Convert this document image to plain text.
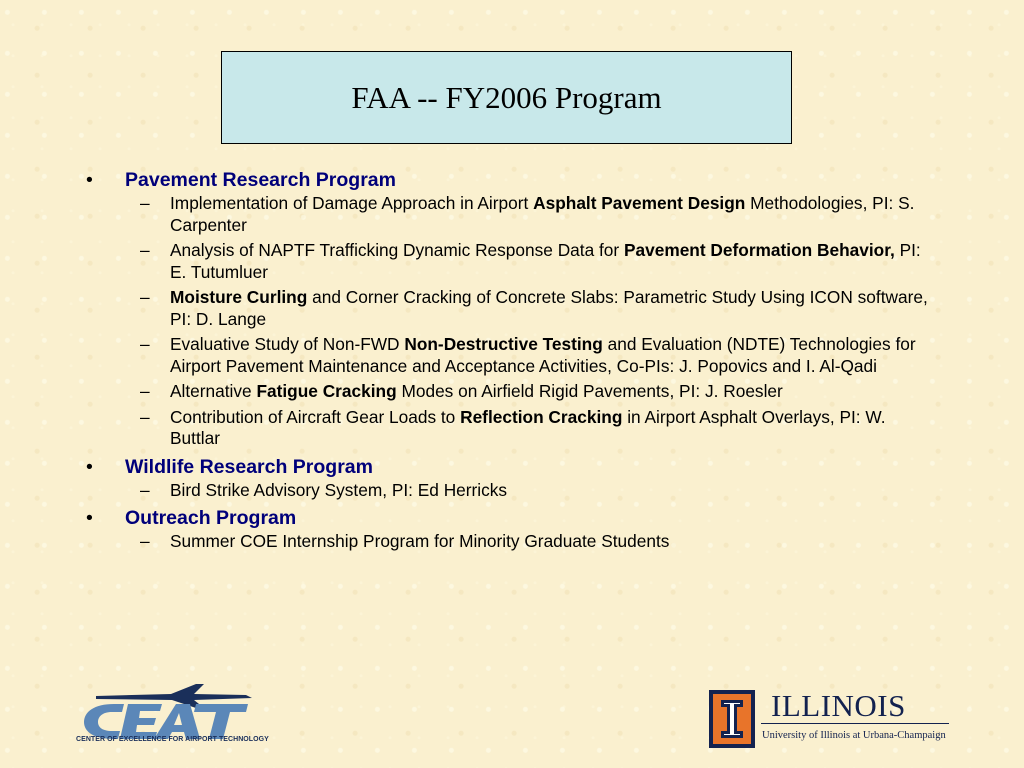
FAA -- FY2006 Program
• Pavement Research Program
– Implementation of Damage Approach in Airport Asphalt Pavement Design Methodologies, PI: S. Carpenter
– Analysis of NAPTF Trafficking Dynamic Response Data for Pavement Deformation Behavior, PI: E. Tutumluer
– Moisture Curling and Corner Cracking of Concrete Slabs: Parametric Study Using ICON software, PI: D. Lange
– Evaluative Study of Non-FWD Non-Destructive Testing and Evaluation (NDTE) Technologies for Airport Pavement Maintenance and Acceptance Activities, Co-PIs: J. Popovics and I. Al-Qadi
– Alternative Fatigue Cracking Modes on Airfield Rigid Pavements, PI: J. Roesler
– Contribution of Aircraft Gear Loads to Reflection Cracking in Airport Asphalt Overlays, PI: W. Buttlar
• Wildlife Research Program
– Bird Strike Advisory System, PI: Ed Herricks
• Outreach Program
– Summer COE Internship Program for Minority Graduate Students
CEAT
CENTER OF EXCELLENCE FOR AIRPORT TECHNOLOGY
ILLINOIS
University of Illinois at Urbana-Champaign
